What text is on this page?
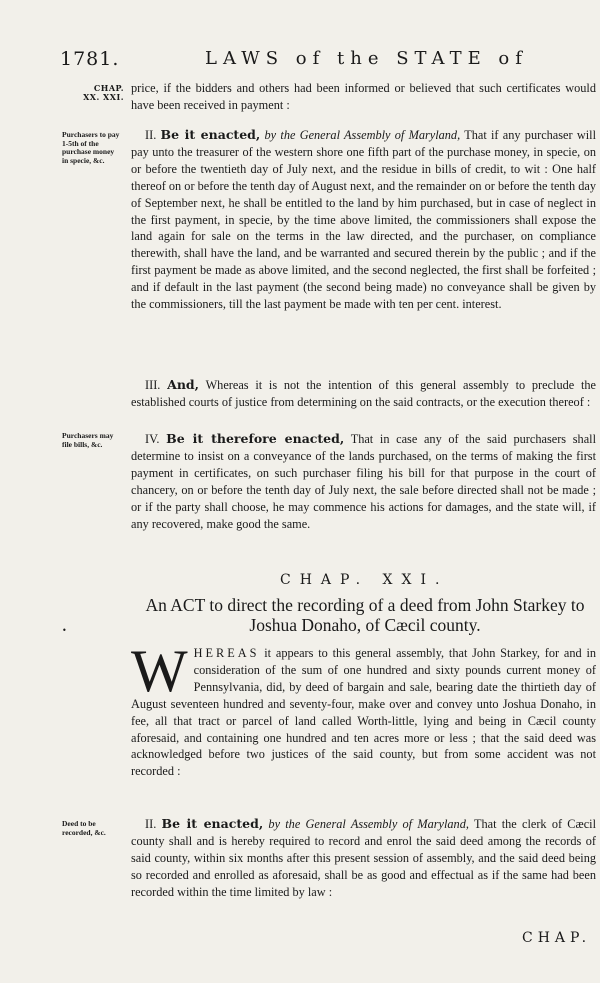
1781.	LAWS of the STATE of
CHAP.
XX. XXI.

price, if the bidders and others had been informed or believed that such certificates would have been received in payment :

Purchasers to pay 1-5th of the purchase money in specie, &c.

II. Be it enacted, by the General Assembly of Maryland, That if any purchaser will pay unto the treasurer of the western shore one fifth part of the purchase money, in specie, on or before the twentieth day of July next, and the residue in bills of credit, to wit : One half thereof on or before the tenth day of August next, and the remainder on or before the tenth day of September next, he shall be entitled to the land by him purchased, but in case of neglect in the first payment, in specie, by the time above limited, the commissioners shall expose the land again for sale on the terms in the law directed, and the purchaser, on compliance therewith, shall have the land, and be warranted and secured therein by the public ; and if the first payment be made as above limited, and the second neglected, the first shall be forfeited ; and if default in the last payment (the second being made) no conveyance shall be given by the commissioners, till the last payment be made with ten per cent. interest.

III. And, Whereas it is not the intention of this general assembly to preclude the established courts of justice from determining on the said contracts, or the execution thereof :

Purchasers may file bills, &c.	IV. Be it therefore enacted, That in case any of the said purchasers shall determine to insist on a conveyance of the lands purchased, on the terms of making the first payment in certificates, on such purchaser filing his bill for that purpose in the court of chancery, on or before the tenth day of July next, the sale before directed shall not be made ; or if the party shall choose, he may commence his actions for damages, and the state will, if any recovered, make good the same.

CHAP. XXI.
An ACT to direct the recording of a deed from John Starkey to Joshua Donaho, of Cæcil county.
•
W HEREAS it appears to this general assembly, that John Starkey, for and in consideration of the sum of one hundred and sixty pounds current money of Pennsylvania, did, by deed of bargain and sale, bearing date the thirtieth day of August seventeen hundred and seventy-four, make over and convey unto Joshua Donaho, in fee, all that tract or parcel of land called Worth-little, lying and being in Cæcil county aforesaid, and containing one hundred and ten acres more or less ; that the said deed was acknowledged before two justices of the said county, but from some accident was not recorded :

Deed to be recorded, &c.

II. Be it enacted, by the General Assembly of Maryland, That the clerk of Cæcil county shall and is hereby required to record and enrol the said deed among the records of said county, within six months after this present session of assembly, and the said deed being so recorded and enrolled as aforesaid, shall be as good and effectual as if the same had been recorded within the time limited by law :

CHAP.
